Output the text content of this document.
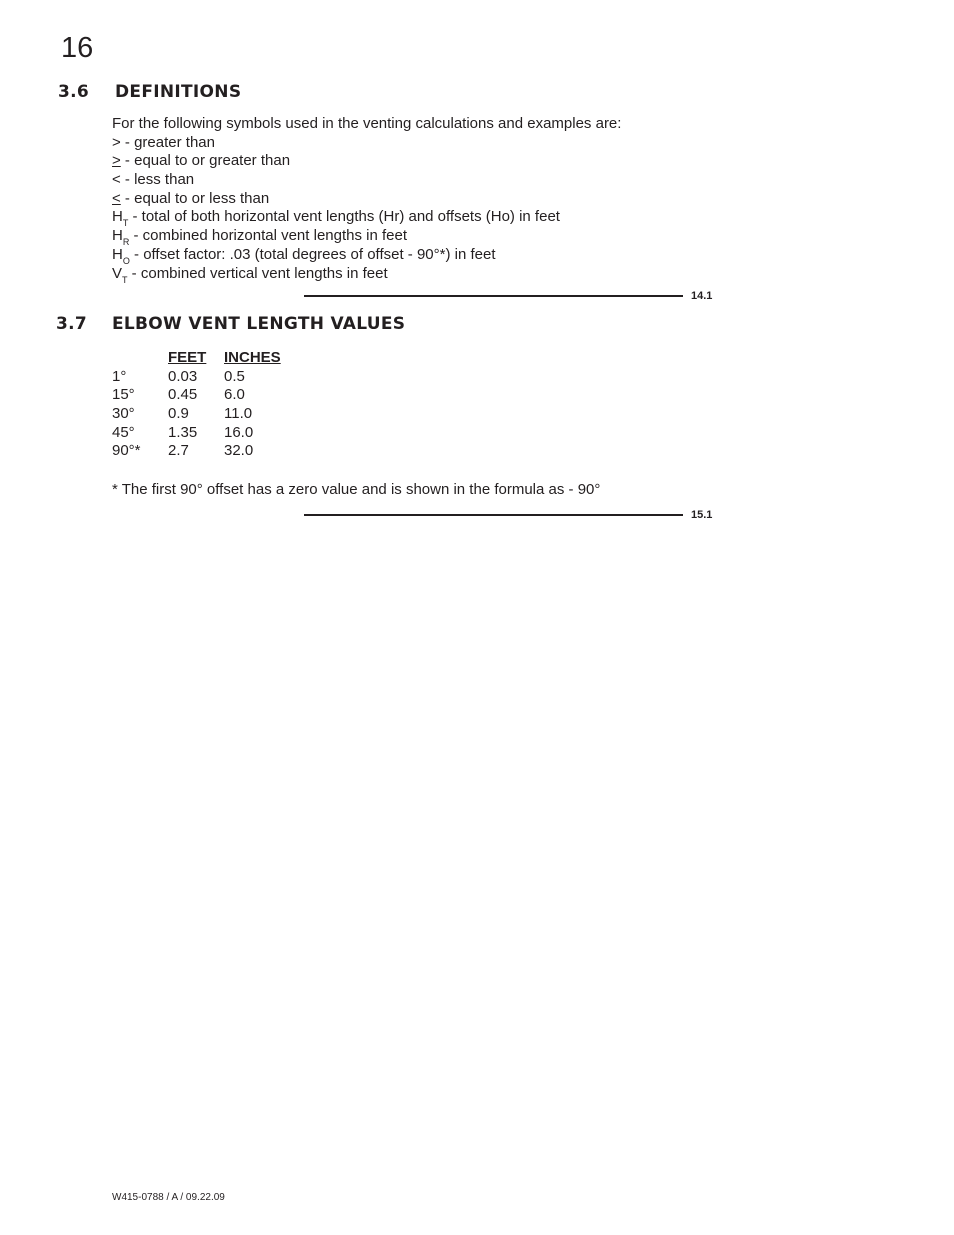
16
3.6 DEFINITIONS
For the following symbols used in the venting calculations and examples are:
> - greater than
> - equal to or greater than
< - less than
< - equal to or less than
$H_T$ - total of both horizontal vent lengths (Hr) and offsets (Ho) in feet
$H_R$ - combined horizontal vent lengths in feet
$H_O$ - offset factor: .03 (total degrees of offset - 90°*) in feet
$V_T$ - combined vertical vent lengths in feet
14.1
3.7 ELBOW VENT LENGTH VALUES
FEET INCHES
1°	0.03 0.5
15° 0.45 6.0
30° 0.9 11.0
45° 1.35 16.0
90°* 2.7 32.0
* The first 90° offset has a zero value and is shown in the formula as - 90°
15.1
W415-0788 / A / 09.22.09
